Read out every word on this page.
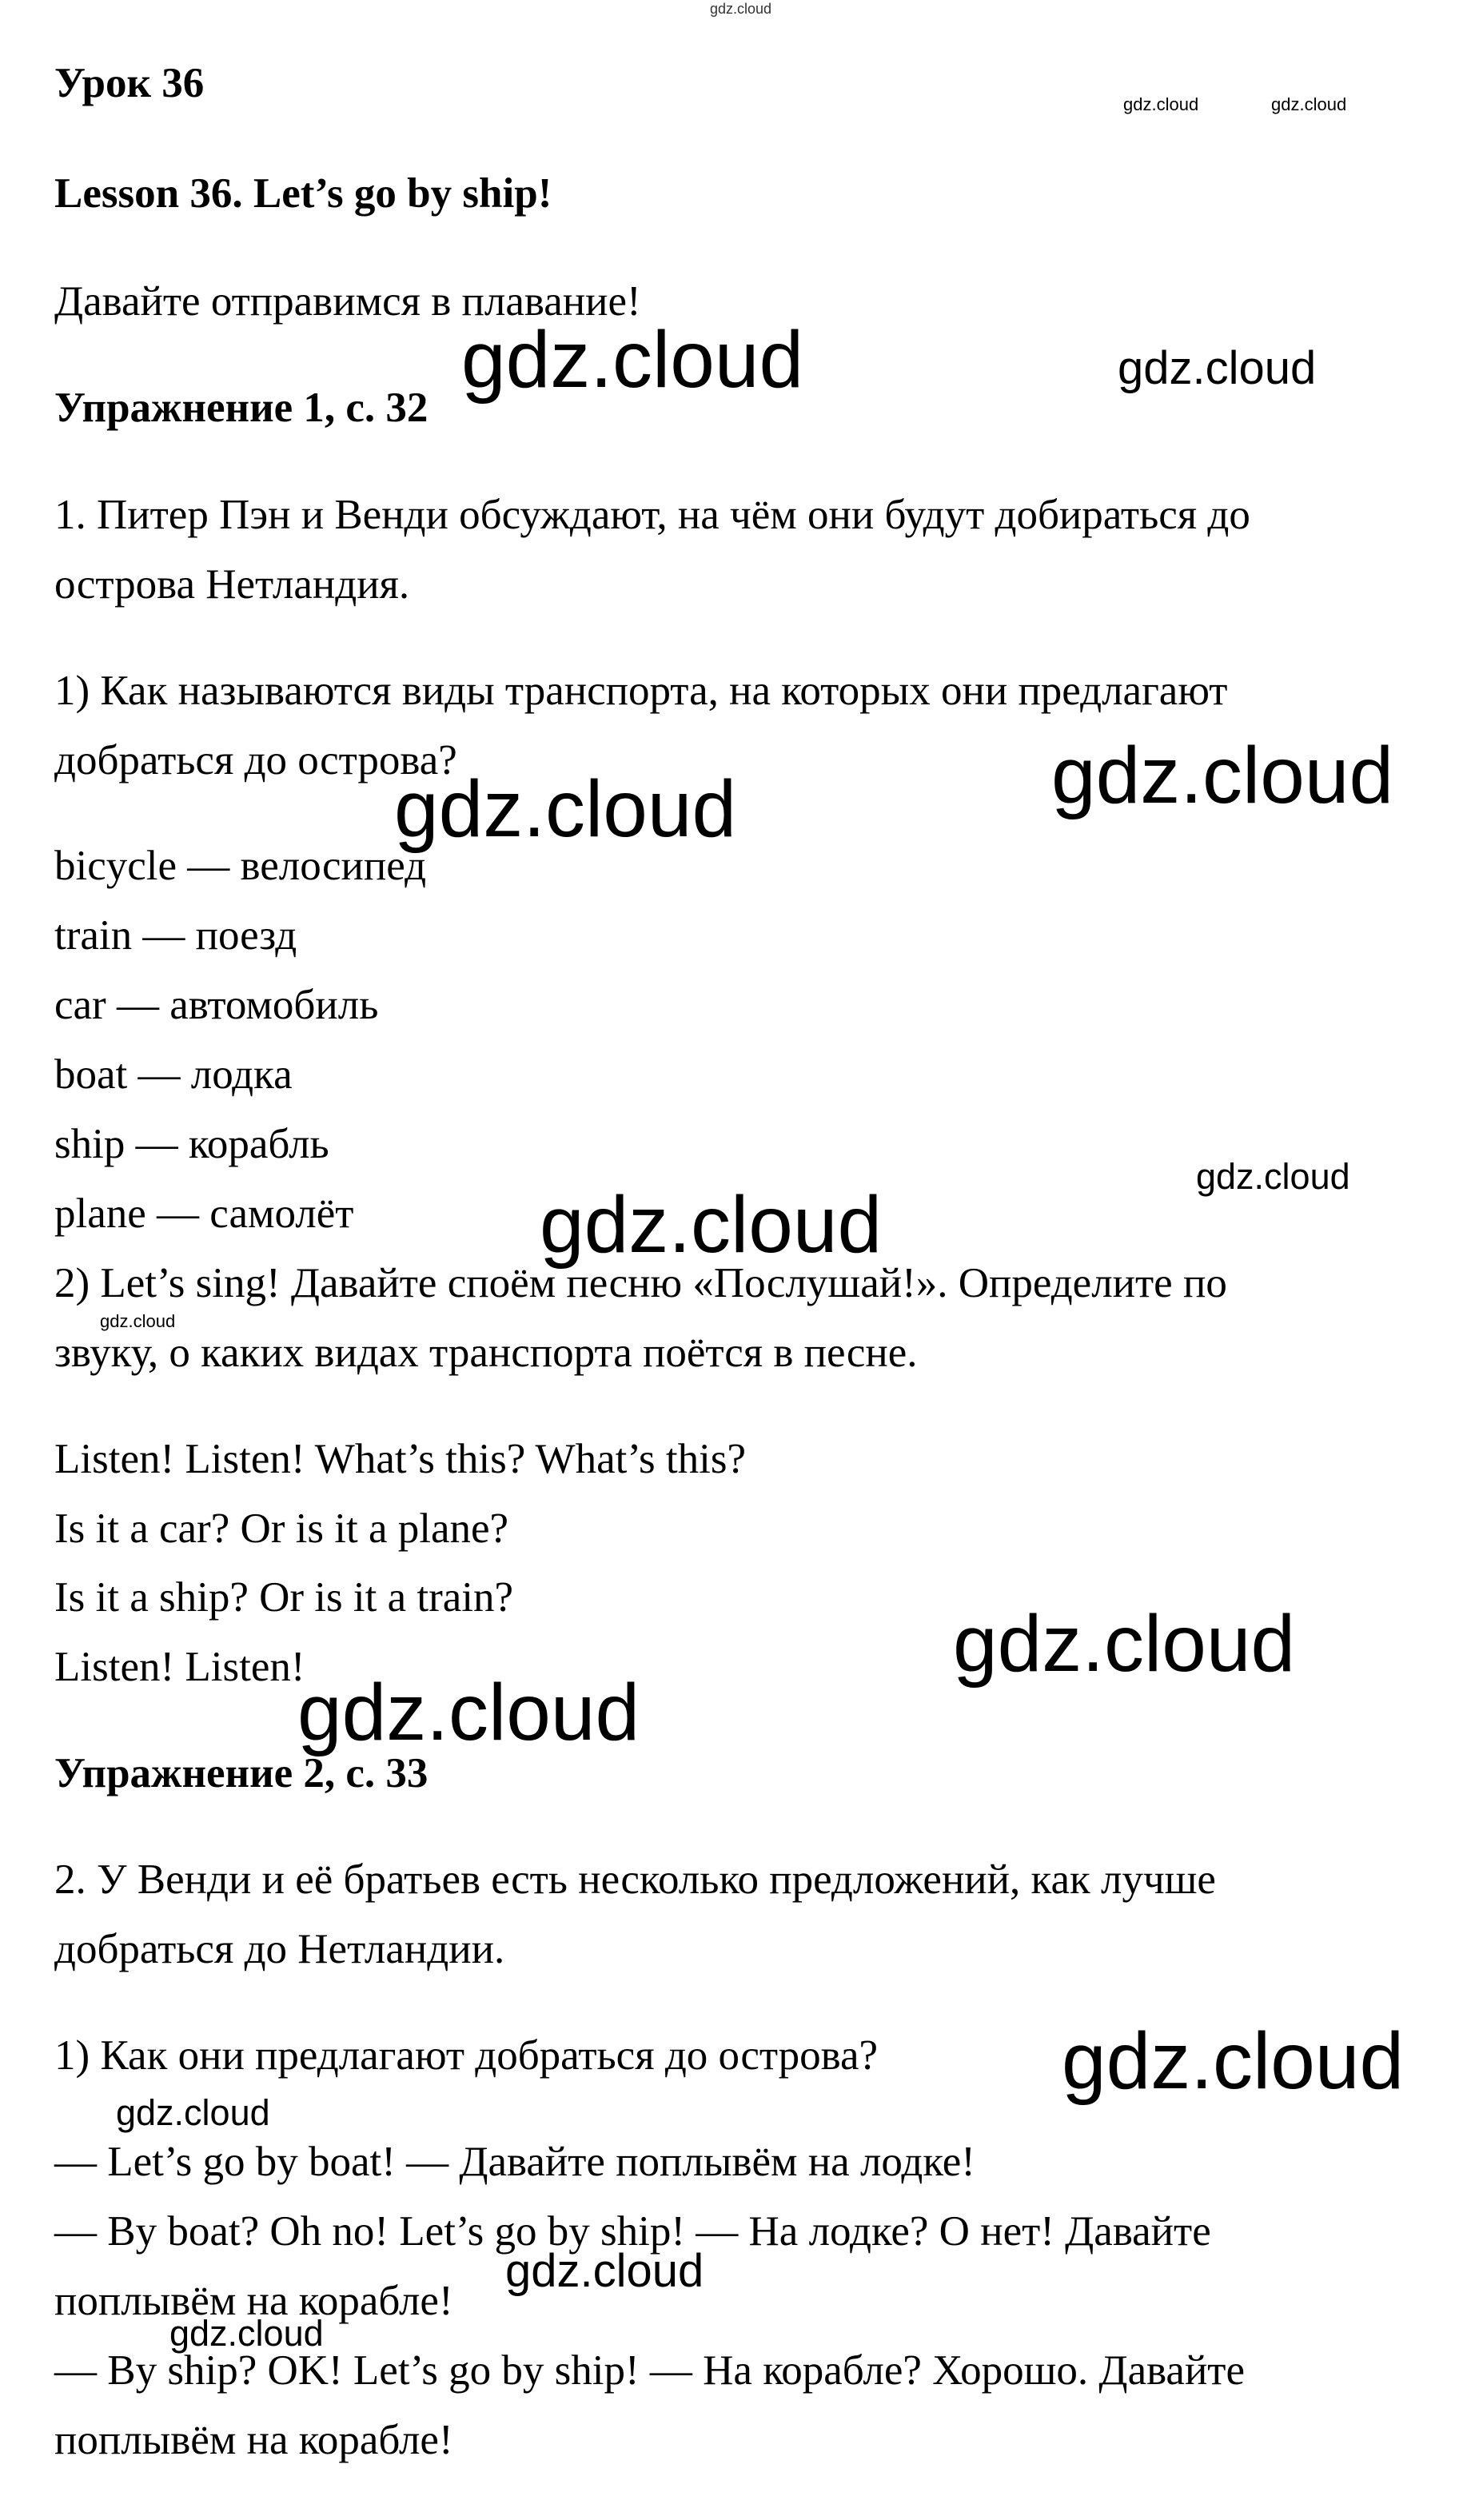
Урок 36
Lesson 36. Let’s go by ship!
Давайте отправимся в плавание!
Упражнение 1, с. 32
1. Питер Пэн и Венди обсуждают, на чём они будут добираться до
острова Нетландия.
1) Как называются виды транспорта, на которых они предлагают
добраться до острова?
bicycle — велосипед
train — поезд
car — автомобиль
boat — лодка
ship — корабль
plane — самолёт
2) Let’s sing! Давайте споём песню «Послушай!». Определите по
звуку, о каких видах транспорта поётся в песне.
Listen! Listen! What’s this? What’s this?
Is it a car? Or is it a plane?
Is it a ship? Or is it a train?
Listen! Listen!
Упражнение 2, с. 33
2. У Венди и её братьев есть несколько предложений, как лучше
добраться до Нетландии.
1) Как они предлагают добраться до острова?
— Let’s go by boat! — Давайте поплывём на лодке!
— By boat? Oh no! Let’s go by ship! — На лодке? О нет! Давайте
поплывём на корабле!
— By ship? OK! Let’s go by ship! — На корабле? Хорошо. Давайте
поплывём на корабле!
gdz.cloud
gdz.cloud	gdz.cloud
gdz.cloud	gdz.cloud
gdz.cloud
gdz.cloud
gdz.cloud
gdz.cloud
gdz.cloud
gdz.cloud
gdz.cloud
gdz.cloud
gdz.cloud
gdz.cloud
gdz.cloud
